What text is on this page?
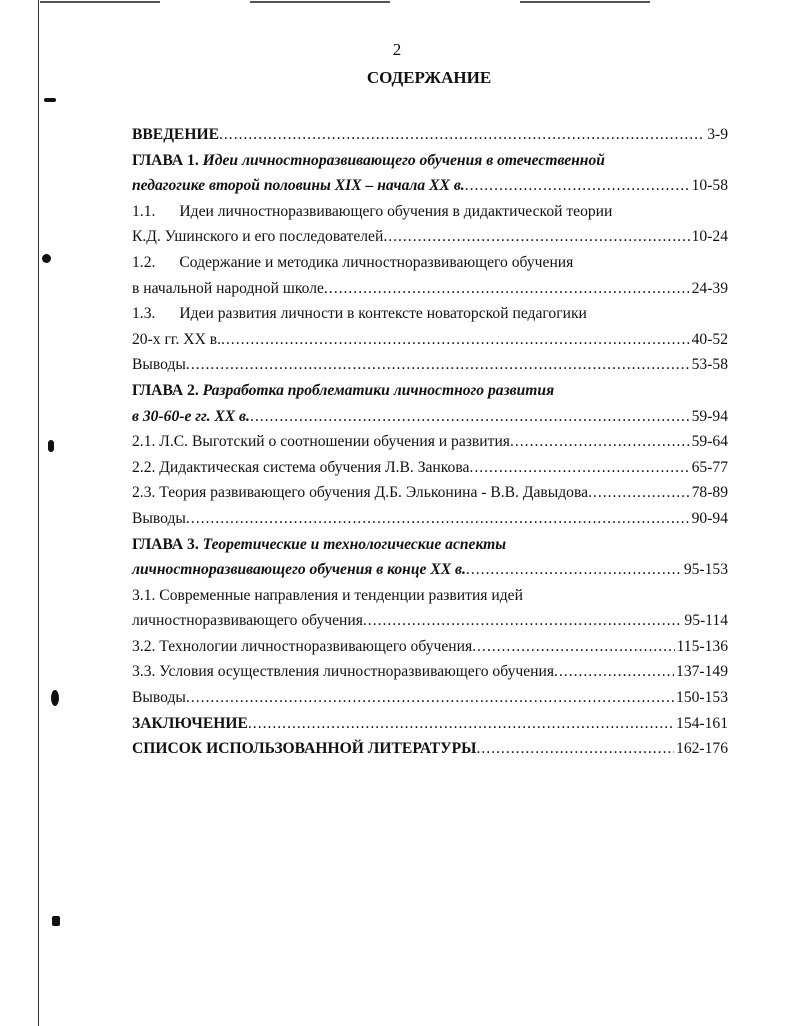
2
СОДЕРЖАНИЕ
ВВЕДЕНИЕ .....	3-9
ГЛАВА 1. Идеи личностноразвивающего обучения в отечественной
педагогике второй половины XIX – начала XX в. .....	10-58
1.1. Идеи личностноразвивающего обучения в дидактической теории
К.Д. Ушинского и его последователей .....	10-24
1.2. Содержание и методика личностноразвивающего обучения
в начальной народной школе .....	24-39
1.3. Идеи развития личности в контексте новаторской педагогики
20-х гг. XX в. .....	40-52
Выводы .....	53-58
ГЛАВА 2. Разработка проблематики личностного развития
в 30-60-е гг. XX в. .....	59-94
2.1. Л.С. Выготский о соотношении обучения и развития .....	59-64
2.2. Дидактическая система обучения Л.В. Занкова .....	65-77
2.3. Теория развивающего обучения Д.Б. Эльконина - В.В. Давыдова .....	78-89
Выводы .....	90-94
ГЛАВА 3. Теоретические и технологические аспекты
личностноразвивающего обучения в конце XX в. .....	95-153
3.1. Современные направления и тенденции развития идей
личностноразвивающего обучения .....	95-114
3.2. Технологии личностноразвивающего обучения .....	115-136
3.3. Условия осуществления личностноразвивающего обучения .....	137-149
Выводы .....	150-153
ЗАКЛЮЧЕНИЕ .....	154-161
СПИСОК ИСПОЛЬЗОВАННОЙ ЛИТЕРАТУРЫ .....	162-176
